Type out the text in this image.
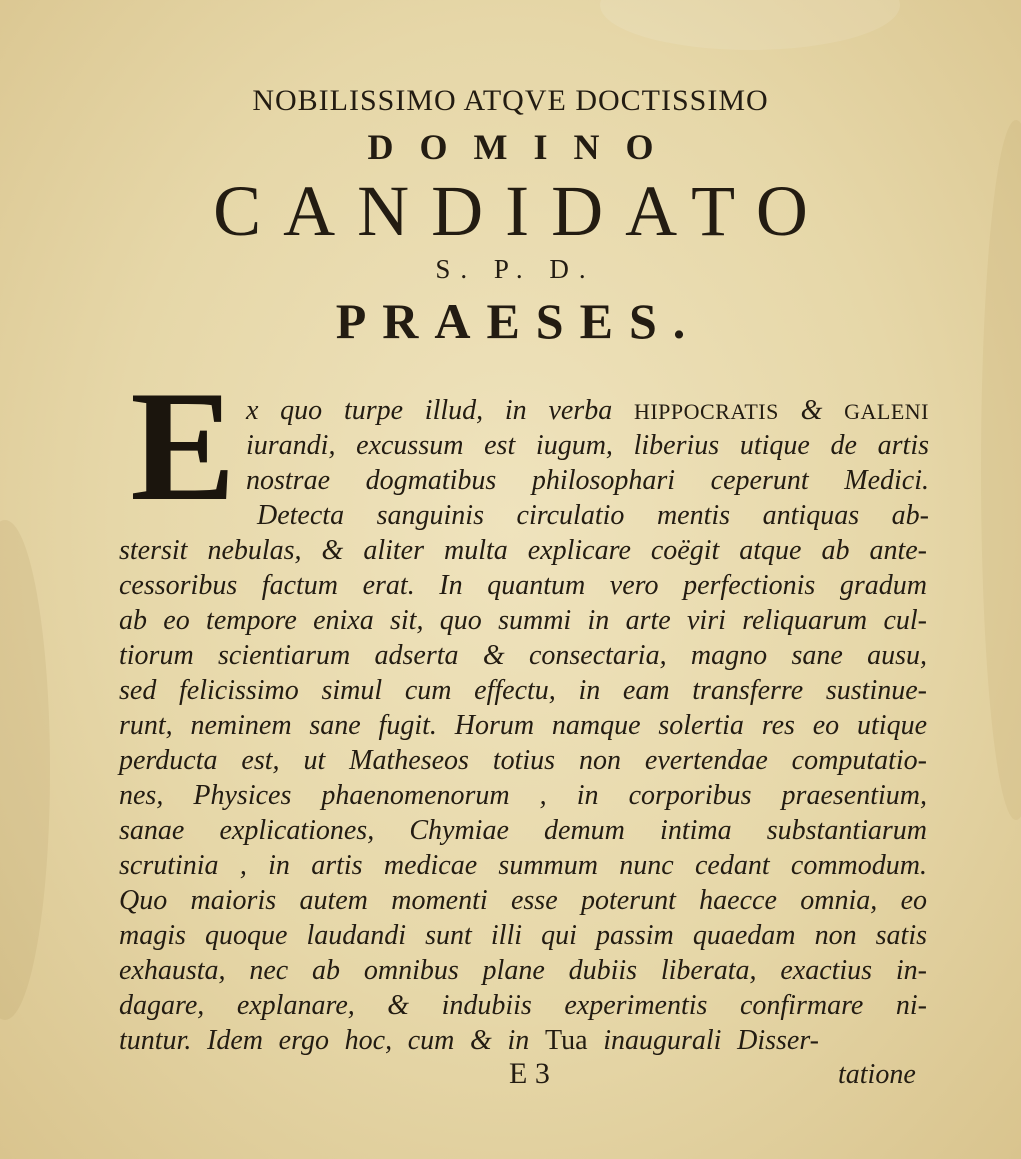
NOBILISSIMO ATQVE DOCTISSIMO
DOMINO
CANDIDATO
S. P. D.
PRAESES.
E x quo turpe illud, in verba HIPPOCRATIS & GALENI
iurandi, excussum est iugum, liberius utique de artis
nostrae dogmatibus philosophari ceperunt Medici.
Detecta sanguinis circulatio mentis antiquas ab-
stersit nebulas, & aliter multa explicare coëgit atque ab ante-
cessoribus factum erat. In quantum vero perfectionis gradum
ab eo tempore enixa sit, quo summi in arte viri reliquarum cul-
tiorum scientiarum adserta & consectaria, magno sane ausu,
sed felicissimo simul cum effectu, in eam transferre sustinue-
runt, neminem sane fugit. Horum namque solertia res eo utique
perducta est, ut Matheseos totius non evertendae computatio-
nes, Physices phaenomenorum , in corporibus praesentium,
sanae explicationes, Chymiae demum intima substantiarum
scrutinia , in artis medicae summum nunc cedant commodum.
Quo maioris autem momenti esse poterunt haecce omnia, eo
magis quoque laudandi sunt illi qui passim quaedam non satis
exhausta, nec ab omnibus plane dubiis liberata, exactius in-
dagare, explanare, & indubiis experimentis confirmare ni-
tuntur. Idem ergo hoc, cum & in Tua inaugurali Disser-
E 3	tatione
